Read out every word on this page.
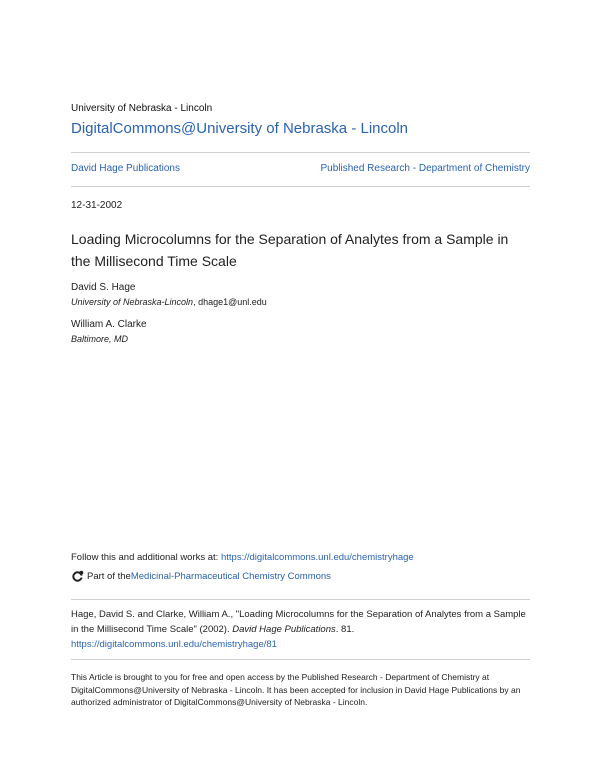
University of Nebraska - Lincoln
DigitalCommons@University of Nebraska - Lincoln
David Hage Publications	Published Research - Department of Chemistry
12-31-2002
Loading Microcolumns for the Separation of Analytes from a Sample in the Millisecond Time Scale
David S. Hage
University of Nebraska-Lincoln, dhage1@unl.edu
William A. Clarke
Baltimore, MD
Follow this and additional works at: https://digitalcommons.unl.edu/chemistryhage
Part of the Medicinal-Pharmaceutical Chemistry Commons
Hage, David S. and Clarke, William A., "Loading Microcolumns for the Separation of Analytes from a Sample in the Millisecond Time Scale" (2002). David Hage Publications. 81.
https://digitalcommons.unl.edu/chemistryhage/81
This Article is brought to you for free and open access by the Published Research - Department of Chemistry at DigitalCommons@University of Nebraska - Lincoln. It has been accepted for inclusion in David Hage Publications by an authorized administrator of DigitalCommons@University of Nebraska - Lincoln.
